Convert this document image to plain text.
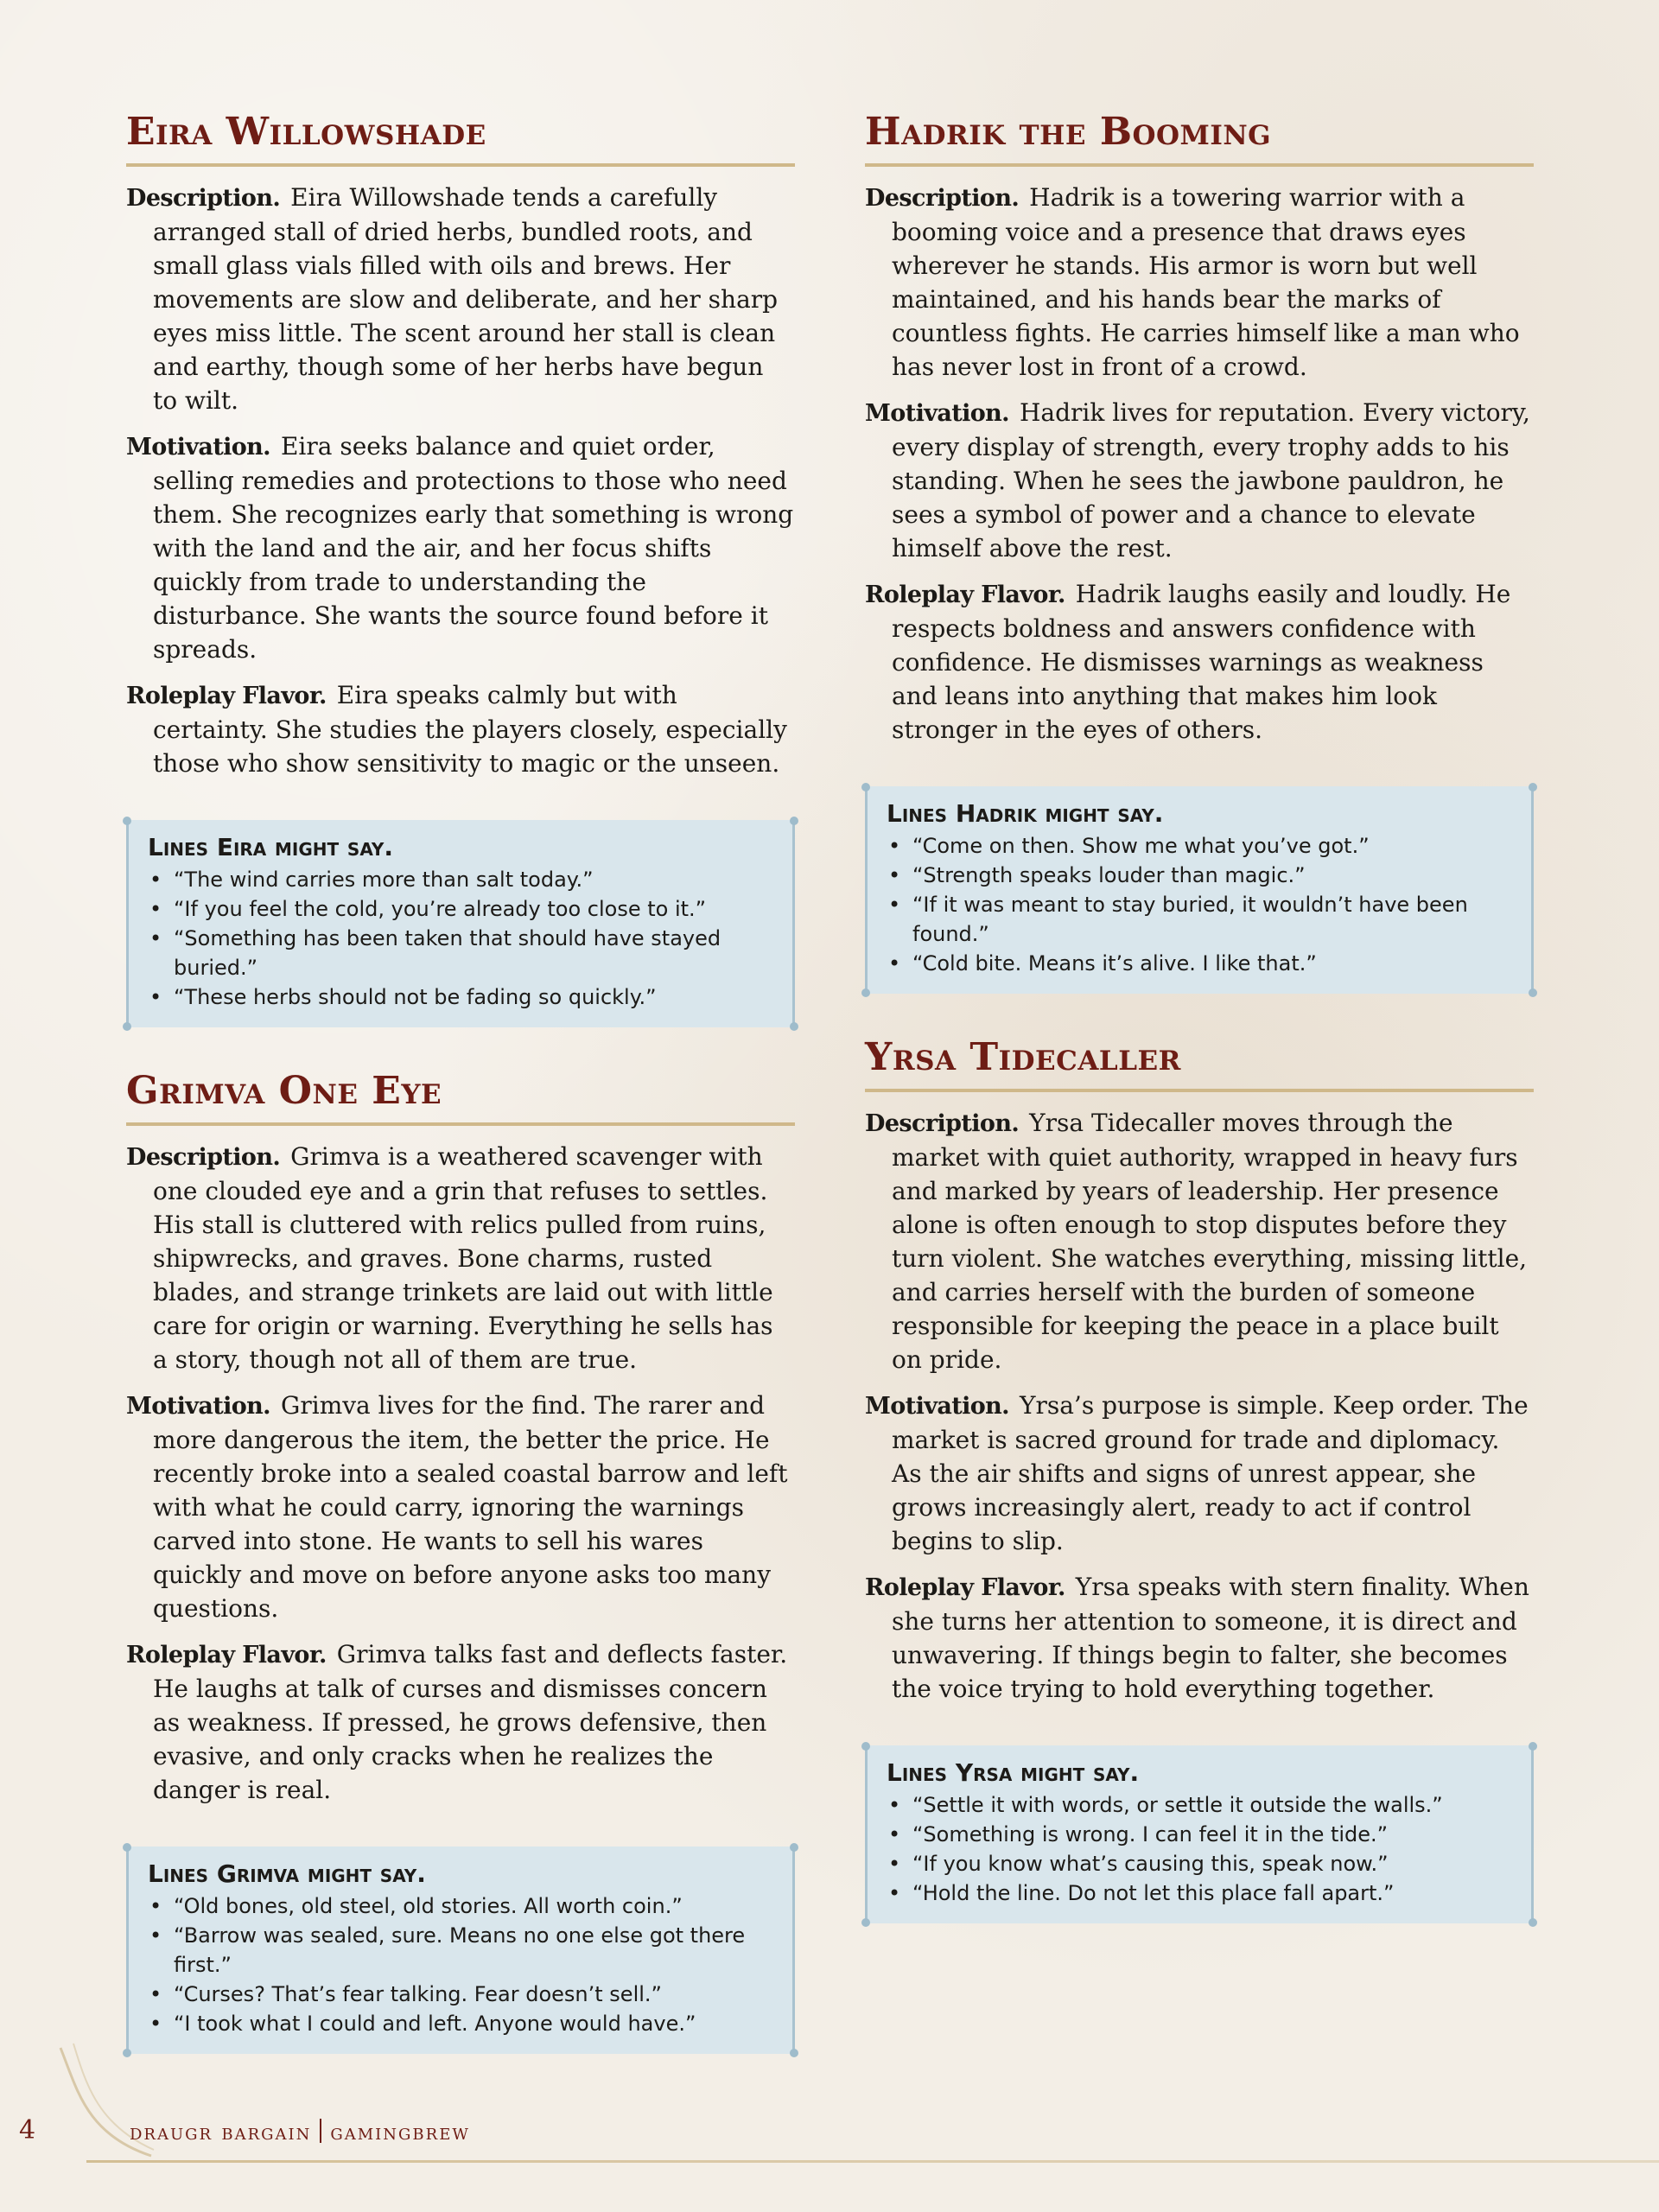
Eira Willowshade

Description. Eira Willowshade tends a carefully arranged stall of dried herbs, bundled roots, and small glass vials filled with oils and brews. Her movements are slow and deliberate, and her sharp eyes miss little. The scent around her stall is clean and earthy, though some of her herbs have begun to wilt.

Motivation. Eira seeks balance and quiet order, selling remedies and protections to those who need them. She recognizes early that something is wrong with the land and the air, and her focus shifts quickly from trade to understanding the disturbance. She wants the source found before it spreads.

Roleplay Flavor. Eira speaks calmly but with certainty. She studies the players closely, especially those who show sensitivity to magic or the unseen.

Lines Eira might say.
• “The wind carries more than salt today.”
• “If you feel the cold, you’re already too close to it.”
• “Something has been taken that should have stayed buried.”
• “These herbs should not be fading so quickly.”
Grimva One Eye

Description. Grimva is a weathered scavenger with one clouded eye and a grin that refuses to settles. His stall is cluttered with relics pulled from ruins, shipwrecks, and graves. Bone charms, rusted blades, and strange trinkets are laid out with little care for origin or warning. Everything he sells has a story, though not all of them are true.

Motivation. Grimva lives for the find. The rarer and more dangerous the item, the better the price. He recently broke into a sealed coastal barrow and left with what he could carry, ignoring the warnings carved into stone. He wants to sell his wares quickly and move on before anyone asks too many questions.

Roleplay Flavor. Grimva talks fast and deflects faster. He laughs at talk of curses and dismisses concern as weakness. If pressed, he grows defensive, then evasive, and only cracks when he realizes the danger is real.

Lines Grimva might say.
• “Old bones, old steel, old stories. All worth coin.”
• “Barrow was sealed, sure. Means no one else got there first.”
• “Curses? That’s fear talking. Fear doesn’t sell.”
• “I took what I could and left. Anyone would have.”
Hadrik the Booming

Description. Hadrik is a towering warrior with a booming voice and a presence that draws eyes wherever he stands. His armor is worn but well maintained, and his hands bear the marks of countless fights. He carries himself like a man who has never lost in front of a crowd.

Motivation. Hadrik lives for reputation. Every victory, every display of strength, every trophy adds to his standing. When he sees the jawbone pauldron, he sees a symbol of power and a chance to elevate himself above the rest.

Roleplay Flavor. Hadrik laughs easily and loudly. He respects boldness and answers confidence with confidence. He dismisses warnings as weakness and leans into anything that makes him look stronger in the eyes of others.

Lines Hadrik might say.
• “Come on then. Show me what you’ve got.”
• “Strength speaks louder than magic.”
• “If it was meant to stay buried, it wouldn’t have been found.”
• “Cold bite. Means it’s alive. I like that.”
Yrsa Tidecaller

Description. Yrsa Tidecaller moves through the market with quiet authority, wrapped in heavy furs and marked by years of leadership. Her presence alone is often enough to stop disputes before they turn violent. She watches everything, missing little, and carries herself with the burden of someone responsible for keeping the peace in a place built on pride.

Motivation. Yrsa’s purpose is simple. Keep order. The market is sacred ground for trade and diplomacy. As the air shifts and signs of unrest appear, she grows increasingly alert, ready to act if control begins to slip.

Roleplay Flavor. Yrsa speaks with stern finality. When she turns her attention to someone, it is direct and unwavering. If things begin to falter, she becomes the voice trying to hold everything together.

Lines Yrsa might say.
• “Settle it with words, or settle it outside the walls.”
• “Something is wrong. I can feel it in the tide.”
• “If you know what’s causing this, speak now.”
• “Hold the line. Do not let this place fall apart.”
4	draugr bargain gamingbrew
